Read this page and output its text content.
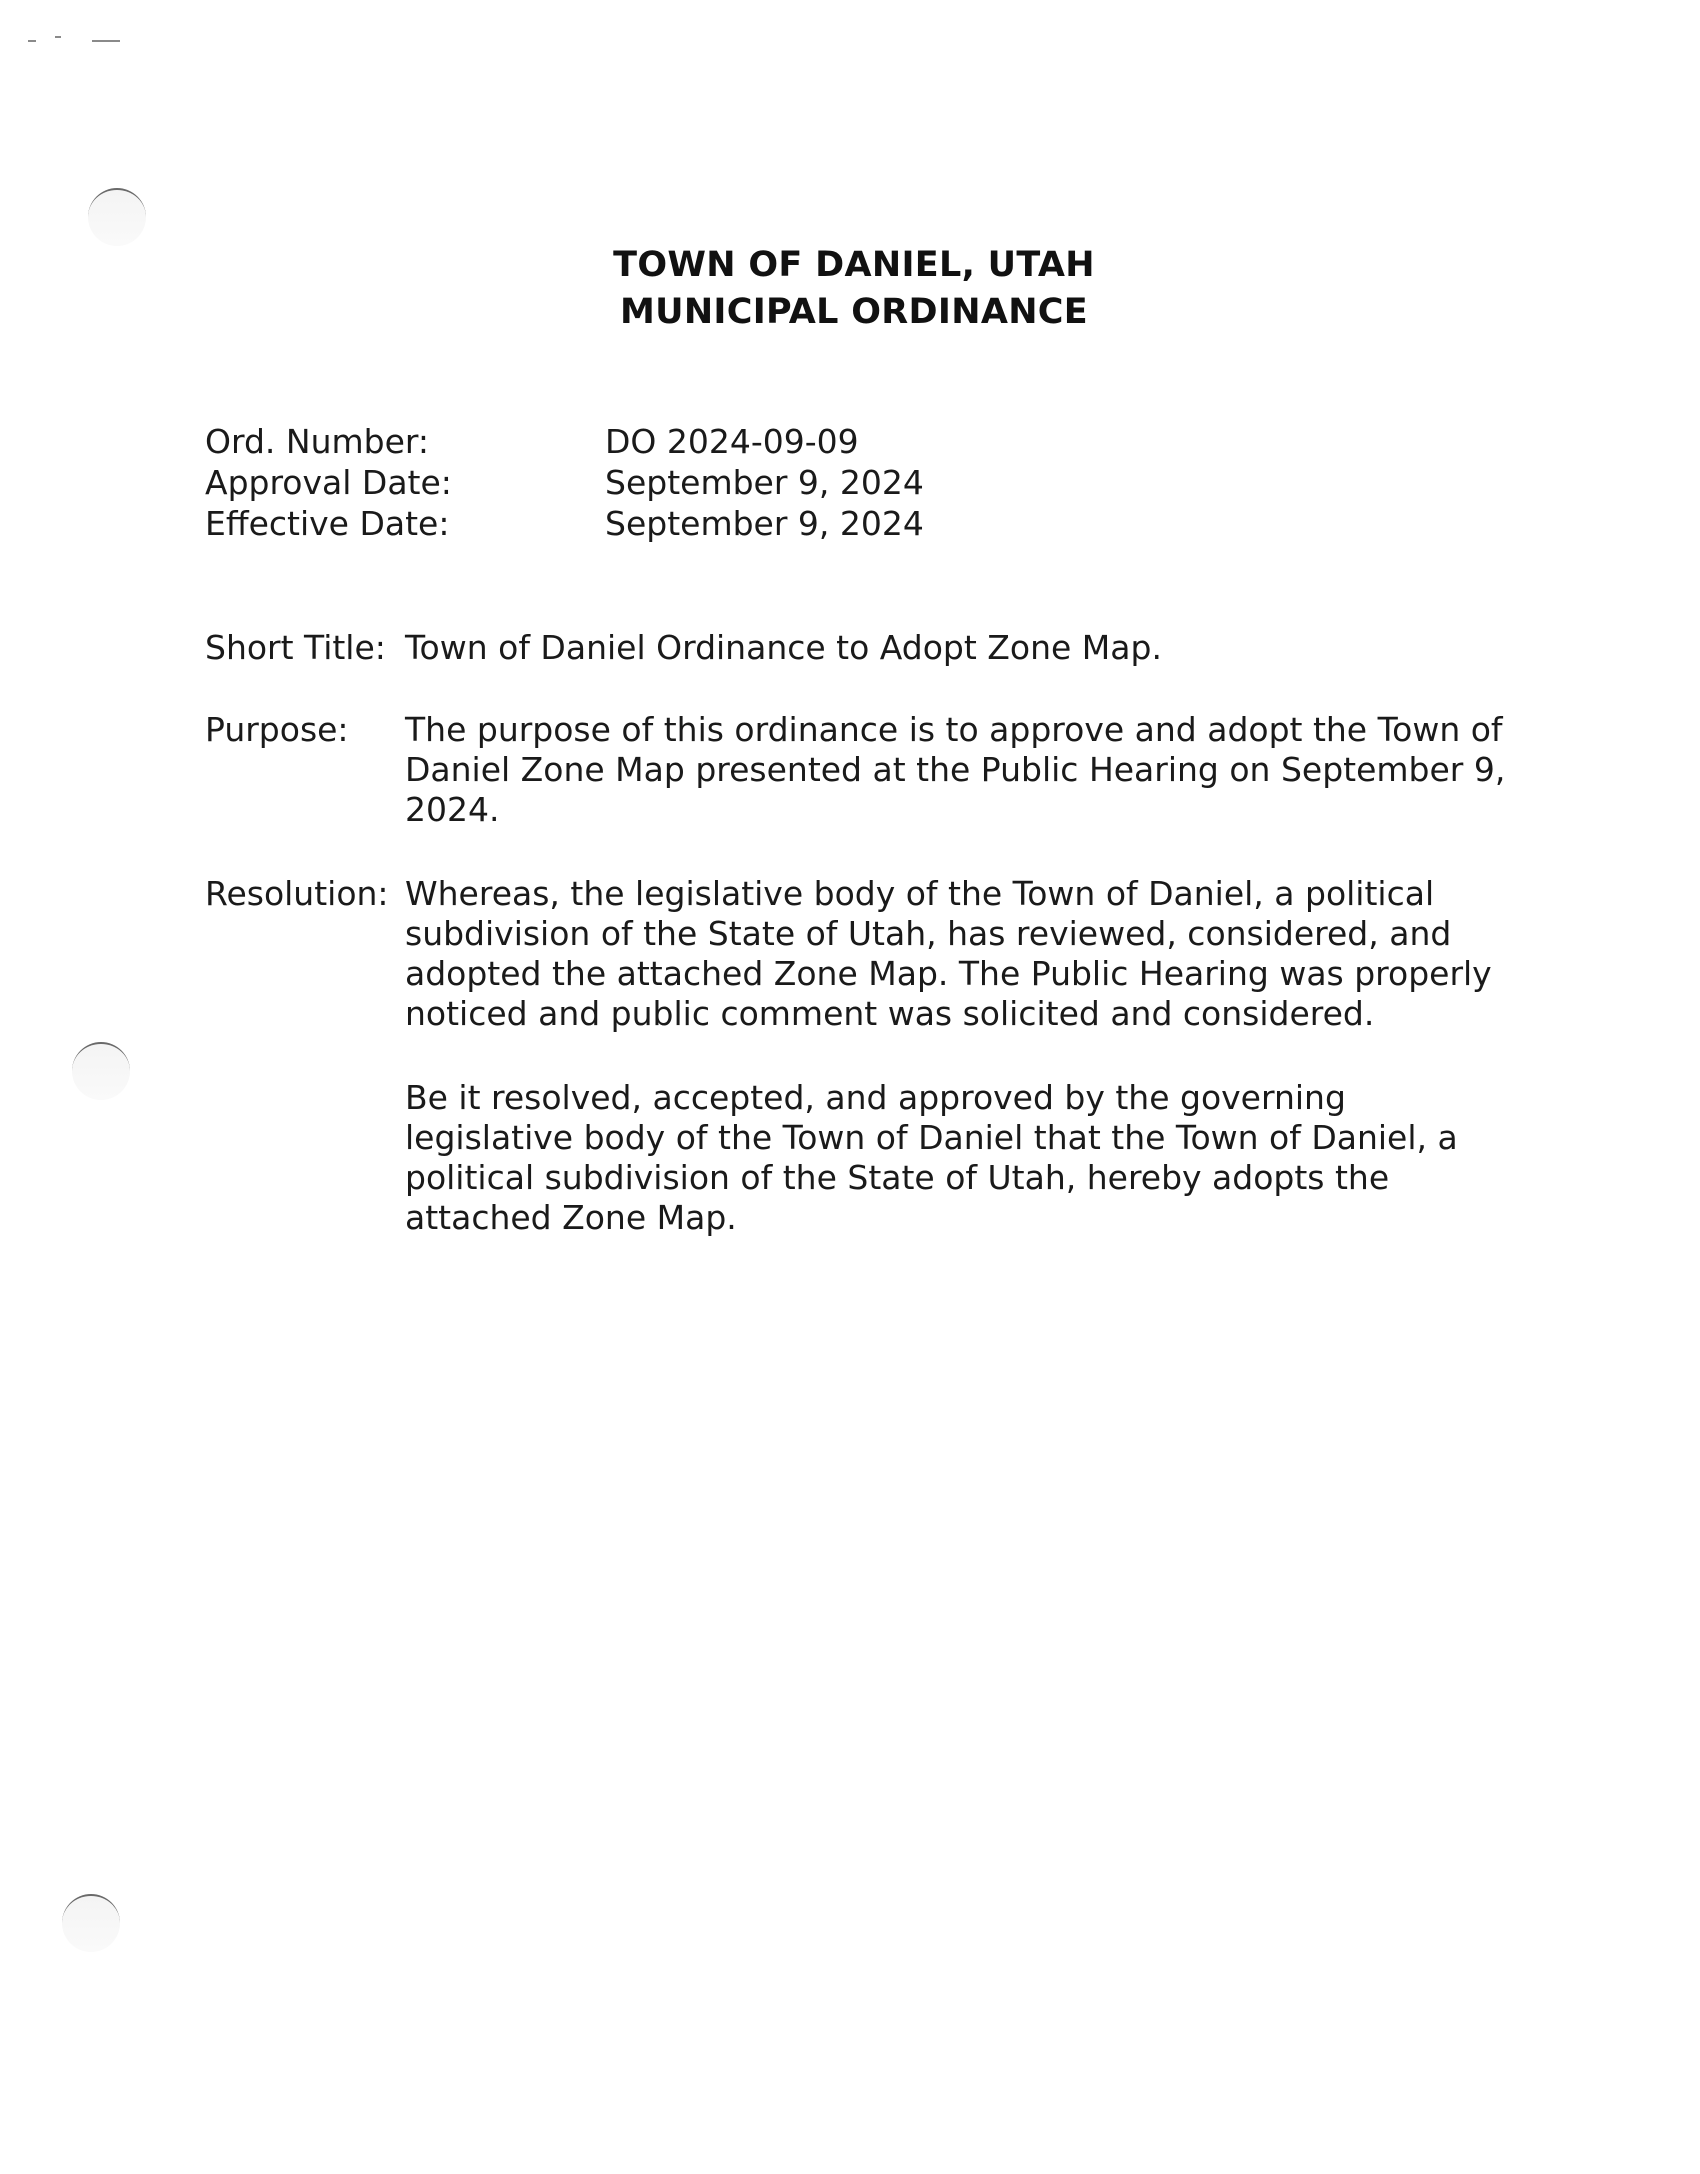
TOWN OF DANIEL, UTAH
MUNICIPAL ORDINANCE
Ord. Number:	DO 2024-09-09
Approval Date:	September 9, 2024
Effective Date:	September 9, 2024
Short Title: Town of Daniel Ordinance to Adopt Zone Map.
Purpose: The purpose of this ordinance is to approve and adopt the Town of
Daniel Zone Map presented at the Public Hearing on September 9,
2024.
Resolution: Whereas, the legislative body of the Town of Daniel, a political
subdivision of the State of Utah, has reviewed, considered, and
adopted the attached Zone Map. The Public Hearing was properly
noticed and public comment was solicited and considered.
Be it resolved, accepted, and approved by the governing
legislative body of the Town of Daniel that the Town of Daniel, a
political subdivision of the State of Utah, hereby adopts the
attached Zone Map.
